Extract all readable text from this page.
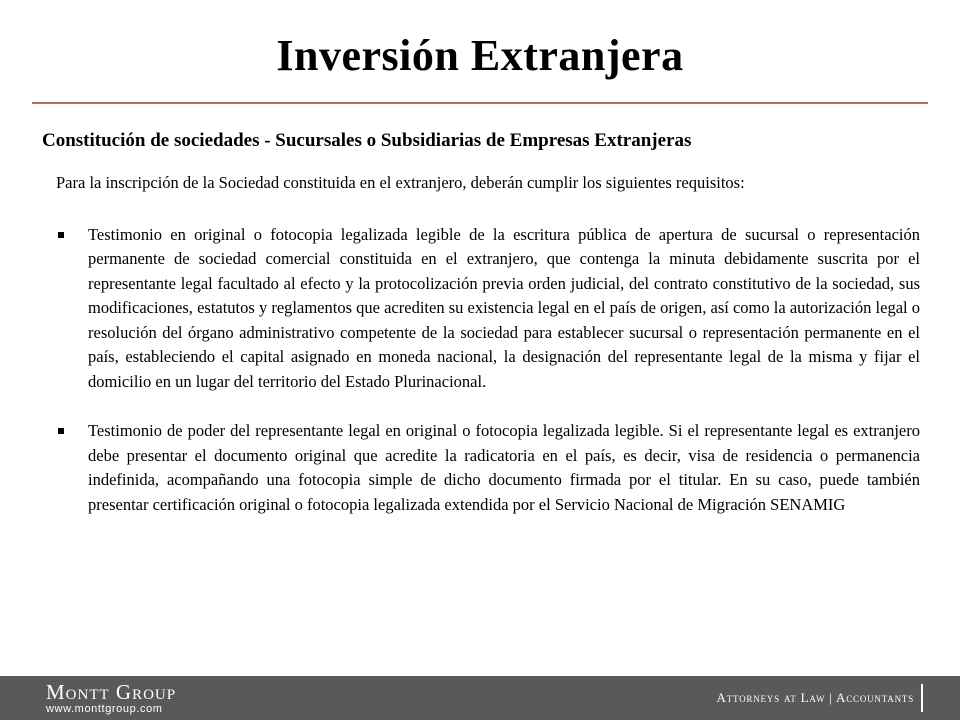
Inversión Extranjera
Constitución de sociedades - Sucursales o Subsidiarias de Empresas Extranjeras

Para la inscripción de la Sociedad constituida en el extranjero, deberán cumplir los siguientes requisitos:

Testimonio en original o fotocopia legalizada legible de la escritura pública de apertura de sucursal o representación permanente de sociedad comercial constituida en el extranjero, que contenga la minuta debidamente suscrita por el representante legal facultado al efecto y la protocolización previa orden judicial, del contrato constitutivo de la sociedad, sus modificaciones, estatutos y reglamentos que acrediten su existencia legal en el país de origen, así como la autorización legal o resolución del órgano administrativo competente de la sociedad para establecer sucursal o representación permanente en el país, estableciendo el capital asignado en moneda nacional, la designación del representante legal de la misma y fijar el domicilio en un lugar del territorio del Estado Plurinacional.
Testimonio de poder del representante legal en original o fotocopia legalizada legible. Si el representante legal es extranjero debe presentar el documento original que acredite la radicatoria en el país, es decir, visa de residencia o permanencia indefinida, acompañando una fotocopia simple de dicho documento firmada por el titular. En su caso, puede también presentar certificación original o fotocopia legalizada extendida por el Servicio Nacional de Migración SENAMIG
Montt Group
www.monttgroup.com
Attorneys at Law | Accountants
